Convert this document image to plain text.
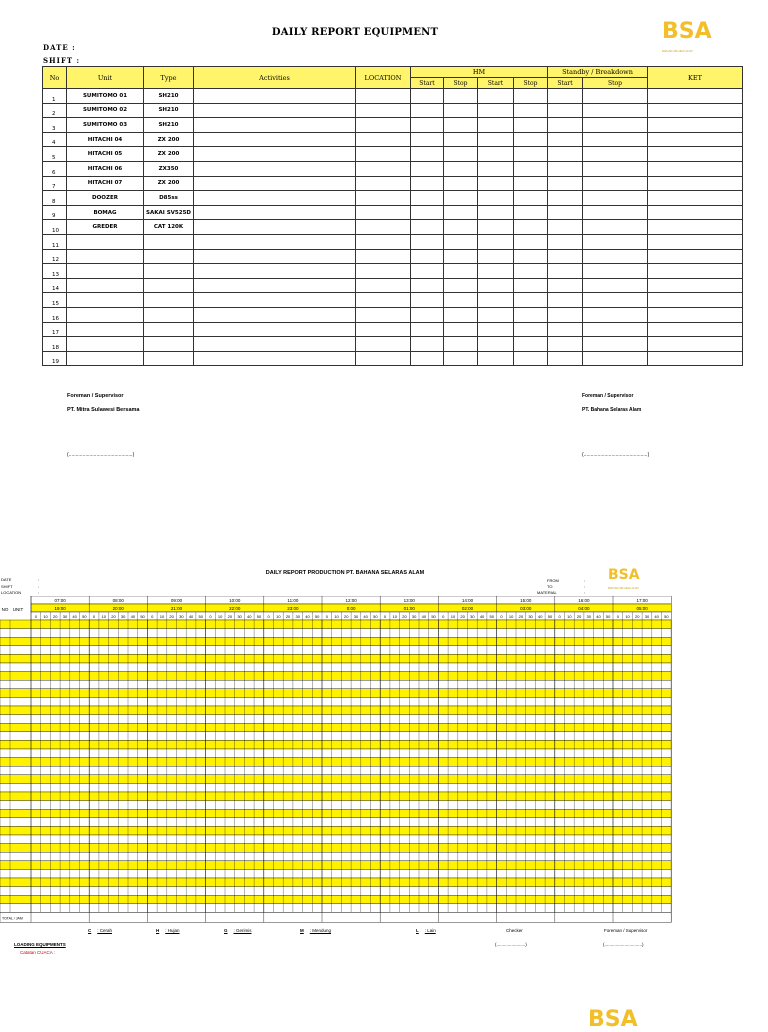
DAILY REPORT EQUIPMENT
DATE :
SHIFT :
BSA
BAHANA SELARAS ALAM
No	Unit	Type	Activities	LOCATION	HM				Standby / Breakdown		KET
					Start	Stop	Start	Stop	Start	Stop	
1	SUMITOMO 01	SH210									
2	SUMITOMO 02	SH210									
3	SUMITOMO 03	SH210									
4	HITACHI 04	ZX 200									
5	HITACHI 05	ZX 200									
6	HITACHI 06	ZX350									
7	HITACHI 07	ZX 200									
8	DOOZER	D85ss									
9	BOMAG	SAKAI SV525D									
10	GREDER	CAT 120K									
11											
12											
13											
14											
15											
16											
17											
18											
19											
Foreman / Supervisor
PT. Mitra Sulawesi Bersama
(..............................................)
Foreman / Supervisor
PT. Bahana Selaras Alam
(..............................................)
DAILY REPORT PRODUCTION PT. BAHANA SELARAS ALAM
DATE	:
SHIFT	:
LOCATION	:
FROM	:
TO	:
MATERIAL	:
BSA
BAHANA SELARAS ALAM
07:00
19:00
08:00
20:00
09:00
21:00
10:00
22:00
11:00
23:00
12:00
0:00
13:00
01:00
14:00
02:00
15:00
03:00
16:00
04:00
17:00
05:00
NO UNIT
0 10 20 30 40 50 0 10 20 30 40 50 0 10 20 30 40 50 0 10 20 30 40 50 0 10 20 30 40 50 0 10 20 30 40 50 0 10 20 30 40 50 0 10 20 30 40 50 0 10 20 30 40 50 0 10 20 30 40 50 0 10 20 30 40 50
TOTAL / JAM
C : Cerah	H : Hujan	G : Gerimis	M : Mendung	L : Lain	Checker	Foreman / Supervisor
(.......................)	(..............................)
LOADING EQUIPMENTS
Catatan CUACA :
BSA
